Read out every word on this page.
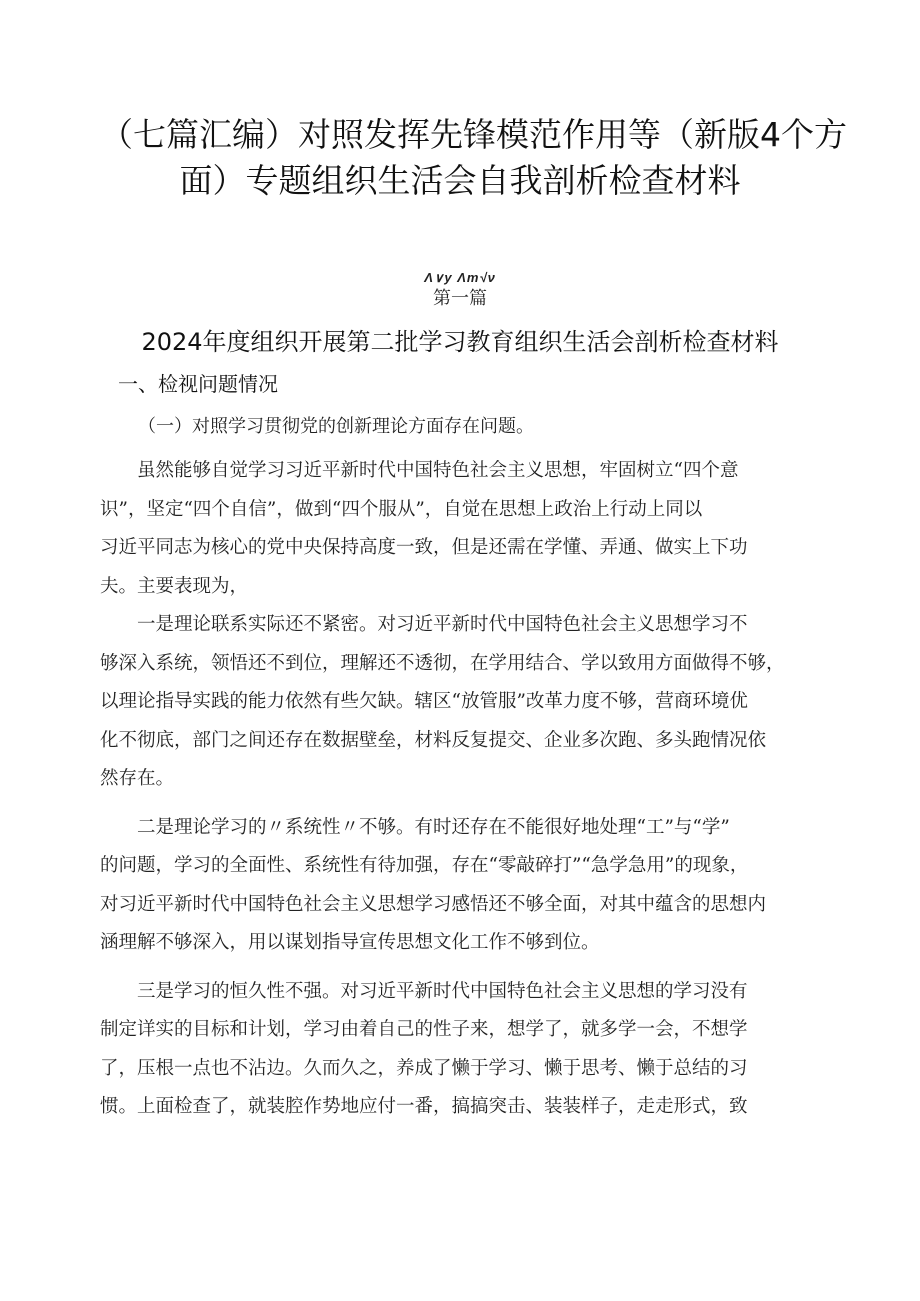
（七篇汇编）对照发挥先锋模范作用等（新版4个方
面）专题组织生活会自我剖析检查材料
Λ∨y Λт√ν
第一篇
2024年度组织开展第二批学习教育组织生活会剖析检查材料
一、检视问题情况
（一）对照学习贯彻党的创新理论方面存在问题。
　　虽然能够自觉学习习近平新时代中国特色社会主义思想，牢固树立“四个意
识”，坚定“四个自信”，做到“四个服从”，自觉在思想上政治上行动上同以
习近平同志为核心的党中央保持高度一致，但是还需在学懂、弄通、做实上下功
夫。主要表现为，
　　一是理论联系实际还不紧密。对习近平新时代中国特色社会主义思想学习不
够深入系统，领悟还不到位，理解还不透彻，在学用结合、学以致用方面做得不够，
以理论指导实践的能力依然有些欠缺。辖区“放管服”改革力度不够，营商环境优
化不彻底，部门之间还存在数据壁垒，材料反复提交、企业多次跑、多头跑情况依
然存在。
　　二是理论学习的〃系统性〃不够。有时还存在不能很好地处理“工”与“学”
的问题，学习的全面性、系统性有待加强，存在“零敲碎打”“急学急用”的现象，
对习近平新时代中国特色社会主义思想学习感悟还不够全面，对其中蕴含的思想内
涵理解不够深入，用以谋划指导宣传思想文化工作不够到位。
　　三是学习的恒久性不强。对习近平新时代中国特色社会主义思想的学习没有
制定详实的目标和计划，学习由着自己的性子来，想学了，就多学一会，不想学
了，压根一点也不沾边。久而久之，养成了懒于学习、懒于思考、懒于总结的习
惯。上面检查了，就装腔作势地应付一番，搞搞突击、装装样子，走走形式，致
